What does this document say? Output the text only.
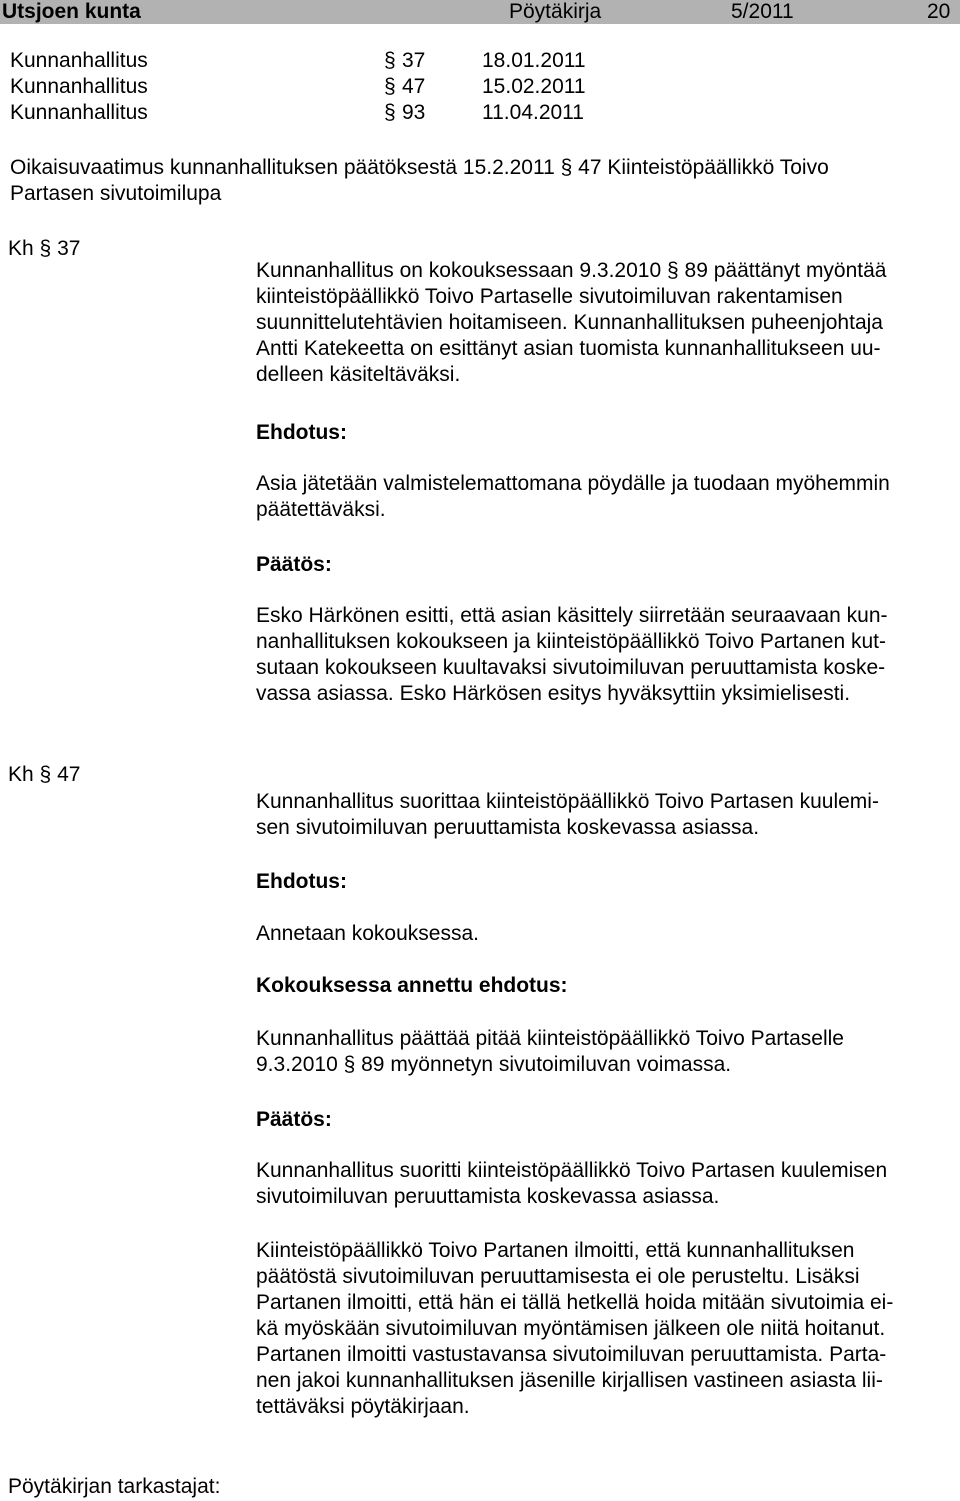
Utsjoen kunta	Pöytäkirja	5/2011	20
Kunnanhallitus	§ 37	18.01.2011
Kunnanhallitus	§ 47	15.02.2011
Kunnanhallitus	§ 93	11.04.2011
Oikaisuvaatimus kunnanhallituksen päätöksestä 15.2.2011 § 47 Kiinteistöpäällikkö Toivo
Partasen sivutoimilupa
Kh § 37
Kunnanhallitus on kokouksessaan 9.3.2010 § 89 päättänyt myöntää
kiinteistöpäällikkö Toivo Partaselle sivutoimiluvan rakentamisen
suunnittelutehtävien hoitamiseen. Kunnanhallituksen puheenjohtaja
Antti Katekeetta on esittänyt asian tuomista kunnanhallitukseen uu-
delleen käsiteltäväksi.
Ehdotus:
Asia jätetään valmistelemattomana pöydälle ja tuodaan myöhemmin
päätettäväksi.
Päätös:
Esko Härkönen esitti, että asian käsittely siirretään seuraavaan kun-
nanhallituksen kokoukseen ja kiinteistöpäällikkö Toivo Partanen kut-
sutaan kokoukseen kuultavaksi sivutoimiluvan peruuttamista koske-
vassa asiassa. Esko Härkösen esitys hyväksyttiin yksimielisesti.
Kh § 47
Kunnanhallitus suorittaa kiinteistöpäällikkö Toivo Partasen kuulemi-
sen sivutoimiluvan peruuttamista koskevassa asiassa.
Ehdotus:
Annetaan kokouksessa.
Kokouksessa annettu ehdotus:
Kunnanhallitus päättää pitää kiinteistöpäällikkö Toivo Partaselle
9.3.2010 § 89 myönnetyn sivutoimiluvan voimassa.
Päätös:
Kunnanhallitus suoritti kiinteistöpäällikkö Toivo Partasen kuulemisen
sivutoimiluvan peruuttamista koskevassa asiassa.
Kiinteistöpäällikkö Toivo Partanen ilmoitti, että kunnanhallituksen
päätöstä sivutoimiluvan peruuttamisesta ei ole perusteltu. Lisäksi
Partanen ilmoitti, että hän ei tällä hetkellä hoida mitään sivutoimia ei-
kä myöskään sivutoimiluvan myöntämisen jälkeen ole niitä hoitanut.
Partanen ilmoitti vastustavansa sivutoimiluvan peruuttamista. Parta-
nen jakoi kunnanhallituksen jäsenille kirjallisen vastineen asiasta lii-
tettäväksi pöytäkirjaan.
Pöytäkirjan tarkastajat:
